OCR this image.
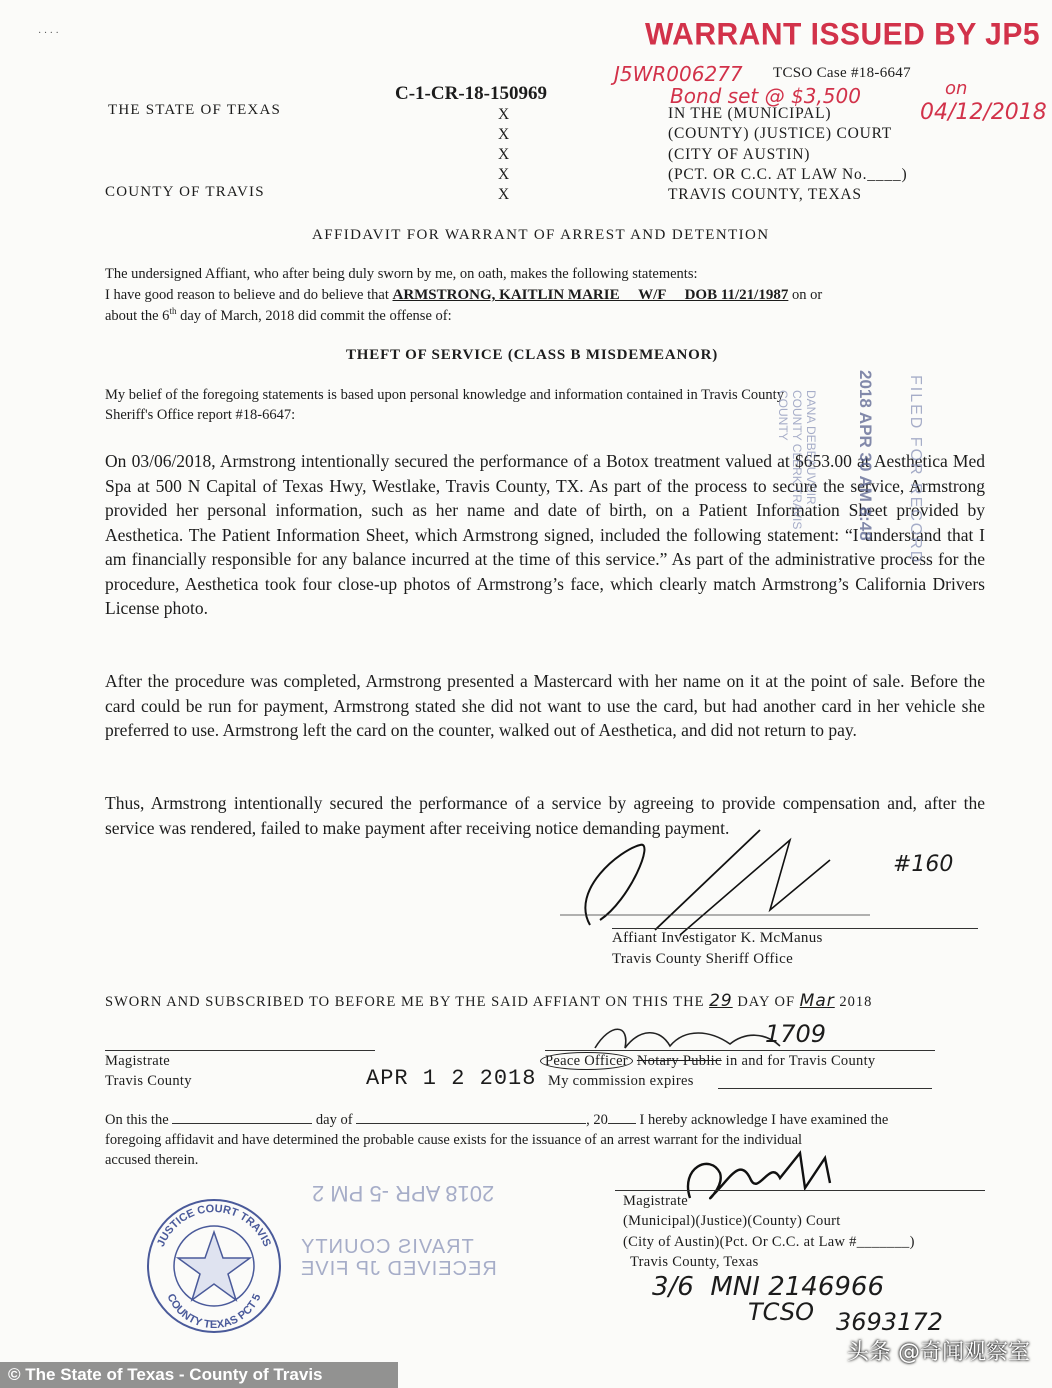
· · · ·	WARRANT ISSUED BY JP5
J5WR006277 TCSO Case #18-6647
Bond set @ $3,500	on
04/12/2018
C-1-CR-18-150969
THE STATE OF TEXAS
COUNTY OF TRAVIS
X
X
X
X
X
IN THE (MUNICIPAL)
(COUNTY) (JUSTICE) COURT
(CITY OF AUSTIN)
(PCT. OR C.C. AT LAW No.____)
TRAVIS COUNTY, TEXAS
AFFIDAVIT FOR WARRANT OF ARREST AND DETENTION
The undersigned Affiant, who after being duly sworn by me, on oath, makes the following statements:
I have good reason to believe and do believe that ARMSTRONG, KAITLIN MARIE     W/F     DOB 11/21/1987 on or
about the 6th day of March, 2018 did commit the offense of:
THEFT OF SERVICE (CLASS B MISDEMEANOR)
My belief of the foregoing statements is based upon personal knowledge and information contained in Travis County
Sheriff's Office report #18-6647:
On 03/06/2018, Armstrong intentionally secured the performance of a Botox treatment valued at $653.00 at Aesthetica Med Spa at 500 N Capital of Texas Hwy, Westlake, Travis County, TX. As part of the process to secure the service, Armstrong provided her personal information, such as her name and date of birth, on a Patient Information Sheet provided by Aesthetica. The Patient Information Sheet, which Armstrong signed, included the following statement: “I understand that I am financially responsible for any balance incurred at the time of this service.” As part of the administrative process for the procedure, Aesthetica took four close-up photos of Armstrong’s face, which clearly match Armstrong’s California Drivers License photo.
After the procedure was completed, Armstrong presented a Mastercard with her name on it at the point of sale. Before the card could be run for payment, Armstrong stated she did not want to use the card, but had another card in her vehicle she preferred to use. Armstrong left the card on the counter, walked out of Aesthetica, and did not return to pay.
Thus, Armstrong intentionally secured the performance of a service by agreeing to provide compensation and, after the service was rendered, failed to make payment after receiving notice demanding payment.
2018 APR 30 AM 8:48 FILED FOR RECORD
DANA DEBEAUVOIR COUNTY CLERK TRAVIS COUNTY
#160
Affiant Investigator K. McManus
Travis County Sheriff Office
SWORN AND SUBSCRIBED TO BEFORE ME BY THE SAID AFFIANT ON THIS THE 29 DAY OF Mar 2018
Magistrate
Travis County	APR 1 2 2018
1709
Peace Officer Notary Public in and for Travis County
My commission expires
On this the	day of	, 20 I hereby acknowledge I have examined the
foregoing affidavit and have determined the probable cause exists for the issuance of an arrest warrant for the individual
accused therein.
2018 APR -5 PM 2
TRAVIS COUNTY
RECEIVED JP FIVE
JUSTICE COURT TRAVIS
COUNTY TEXAS PCT 5
Magistrate
(Municipal)(Justice)(County) Court
(City of Austin)(Pct. Or C.C. at Law #_______)
Travis County, Texas
3/6  MNI 2146966
TCSO 3693172
© The State of Texas - County of Travis
头条 @奇闻观察室
